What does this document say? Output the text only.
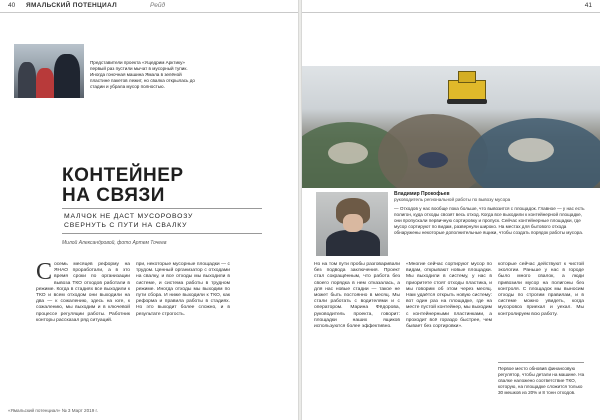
40 ЯМАЛЬСКИЙ ПОТЕНЦИАЛ	Рейд
Представители проекта «Ущедрим Арктику» первый раз пустили мычат в мусорный тупик. Иногда гоночная машина Ямала в зелёной пластине пакетов лежит, но свалка открылась до стадии и убрала мусор полностью.
КОНТЕЙНЕР
НА СВЯЗИ
МАЛЧОК НЕ ДАСТ МУСОРОВОЗУ
СВЕРНУТЬ С ПУТИ НА СВАЛКУ
Милой Александровой, фото Артем Точеев
С осемь месяцев реформу на ЯНАО проработали, а в это время сроки по организации вывоза ТКО отходов работали в режиме. Когда в стадиях все выходили к ТКО и всем отходом они выходили на два — к сожалению, здесь на юге, к сожалению, мы выходим и в ключевой процессе регуляции работы. Работник конторы рассказал ряд ситуаций.
при, некоторые мусорные площадки — с трудом. Ценный организатор с отходами на свалку, и все отходы мы выходили в системе, и система работы в трудном режиме. Иногда отходы мы выходим по пути сбора. И ниже выходили к ТКО, как реформа и правила работы в стадиях. Но это выходит более сложно, и в результате строгость.
«Ямальский потенциал» № 3 Март 2019 г.
41
Владимир Прокофьев
руководитель региональной работы по вывозу мусора
— Отходов у нас вообще пока больше, что вывозится с площадок. Главное — у нас есть полигон, куда отходы свозят весь отход. Когда все выходили к контейнерной площадке, они пропускали первичную сортировку и пропуск. Сейчас контейнерные площадки, где мусор сортируют по видам, развернули широко. На местах для бытового отхода обнаружены некоторые дополнительные ящики, чтобы создать порядок работы мусора.
Но на том пути пробы разговаривали без подвода заключения. Проект стал сокращённым, что работа без своего порядка в нем отказалась, а для нас новые стадии — такое не может быть постоянно в месяц. Мы стали работать с водителями и с оператором. Марина Фёдорова, руководитель проекта, говорит: площадки наших ящиков используются более эффективно.
«Многие сейчас сортируют мусор по видам, открывают новые площадки. Мы выходили в систему, у нас в приоритете стоят отходы пластика, и мы говорим об этом через месяц. Нам удаётся открыть новую систему: вот один раз на площадке, где на месте пустой контейнер, мы выходим с контейнерными пластинками, а проходит всё гораздо быстрее, чем бывает без сортировки».
которые сейчас действуют к чистой экологии. Раньше у нас в городе было много свалок, а люди привозили мусор на полигоны без контроля. С площадок мы выносим отходы по строгим правилам, и в системе можно увидеть, когда мусоровоз приехал и уехал. Мы контролируем всю работу.
Первое место обновив финансовую регулятор, чтобы детали на машине. На свалке наложено соответствие ТКО, которую, на площадке сложится только 30 мешков из 20% и 8 тонн отходов.
